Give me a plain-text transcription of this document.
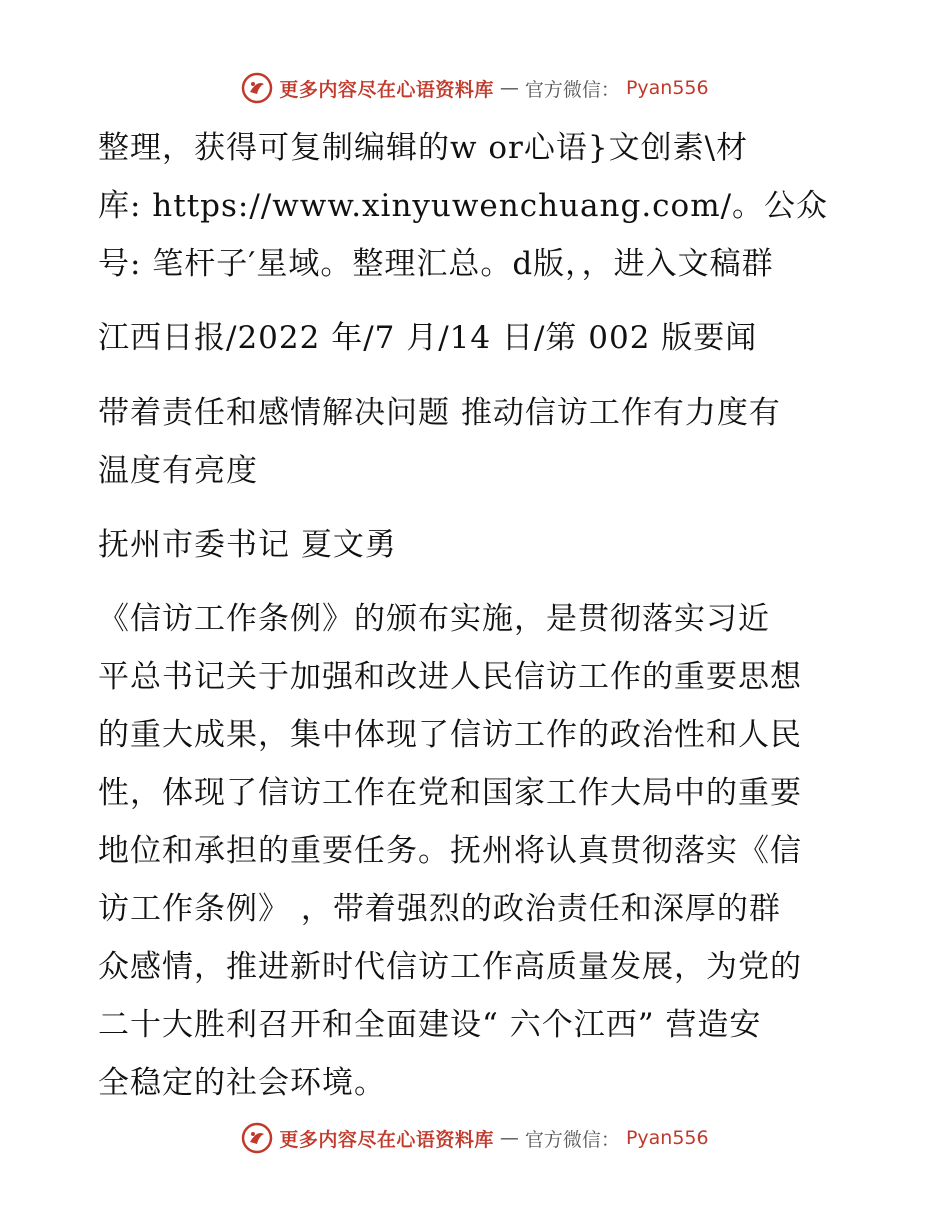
更多内容尽在心语资料库 — 官方微信： Pyan556
整理，获得可复制编辑的w or心语}文创素\材
库: https://www.xinyuwenchuang.com/。公众
号: 笔杆子′星域。整理汇总。d版，，进入文稿群
江西日报/2022 年/7 月/14 日/第 002 版要闻
带着责任和感情解决问题 推动信访工作有力度有
温度有亮度
抚州市委书记 夏文勇
《信访工作条例》的颁布实施，是贯彻落实习近
平总书记关于加强和改进人民信访工作的重要思想
的重大成果，集中体现了信访工作的政治性和人民
性，体现了信访工作在党和国家工作大局中的重要
地位和承担的重要任务。抚州将认真贯彻落实《信
访工作条例》 ，带着强烈的政治责任和深厚的群
众感情，推进新时代信访工作高质量发展，为党的
二十大胜利召开和全面建设“ 六个江西” 营造安
全稳定的社会环境。
更多内容尽在心语资料库 — 官方微信： Pyan556
